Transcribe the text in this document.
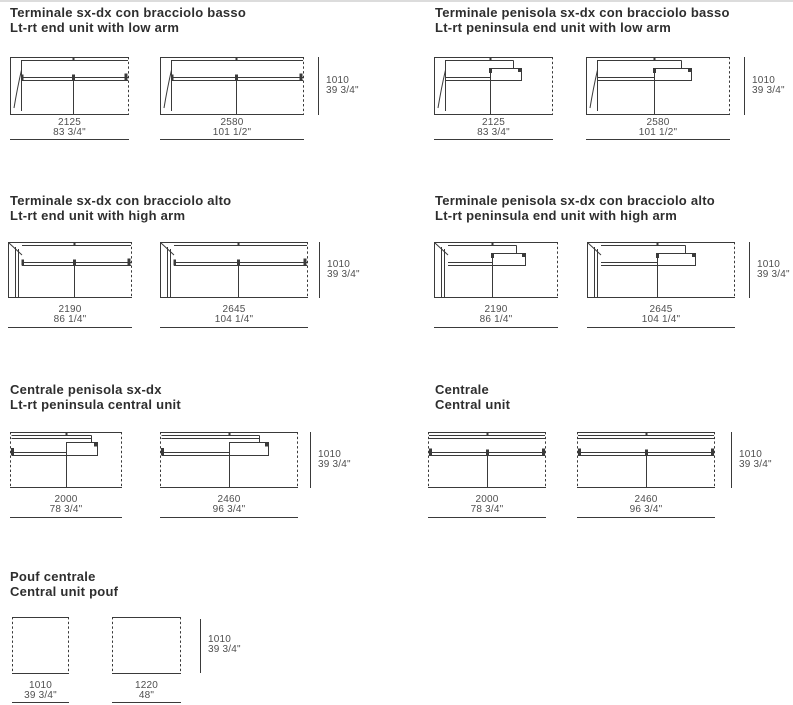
Terminale sx-dx con bracciolo basso
Lt-rt end unit with low arm
2125
83 3/4"
2580
101 1/2"
1010
39 3/4"
Terminale penisola sx-dx con bracciolo basso
Lt-rt peninsula end unit with low arm
2125
83 3/4"
2580
101 1/2"
1010
39 3/4"
Terminale sx-dx con bracciolo alto
Lt-rt end unit with high arm
2190
86 1/4"
2645
104 1/4"
1010
39 3/4"
Terminale penisola sx-dx con bracciolo alto
Lt-rt peninsula end unit with high arm
2190
86 1/4"
2645
104 1/4"
1010
39 3/4"
Centrale penisola sx-dx
Lt-rt peninsula central unit
2000
78 3/4"
2460
96 3/4"
1010
39 3/4"
Centrale
Central unit
2000
78 3/4"
2460
96 3/4"
1010
39 3/4"
Pouf centrale
Central unit pouf
1010
39 3/4"
1220
48"
1010
39 3/4"
